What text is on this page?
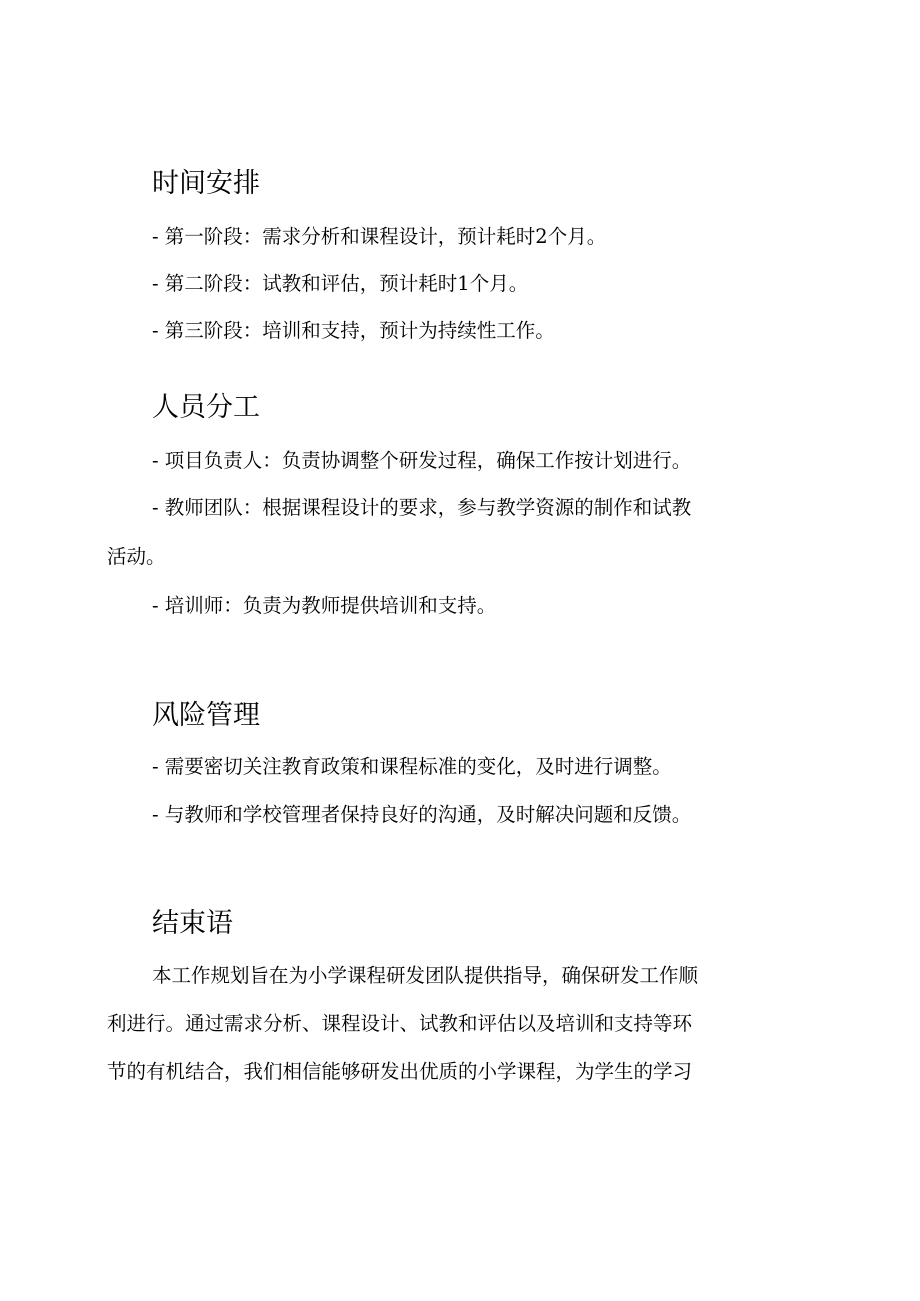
时间安排

- 第一阶段：需求分析和课程设计，预计耗时2个月。

- 第二阶段：试教和评估，预计耗时1个月。

- 第三阶段：培训和支持，预计为持续性工作。

人员分工

- 项目负责人：负责协调整个研发过程，确保工作按计划进行。

- 教师团队：根据课程设计的要求，参与教学资源的制作和试教

活动。

- 培训师：负责为教师提供培训和支持。

风险管理

- 需要密切关注教育政策和课程标准的变化，及时进行调整。

- 与教师和学校管理者保持良好的沟通，及时解决问题和反馈。

结束语
本工作规划旨在为小学课程研发团队提供指导，确保研发工作顺
利进行。通过需求分析、课程设计、试教和评估以及培训和支持等环
节的有机结合，我们相信能够研发出优质的小学课程，为学生的学习
